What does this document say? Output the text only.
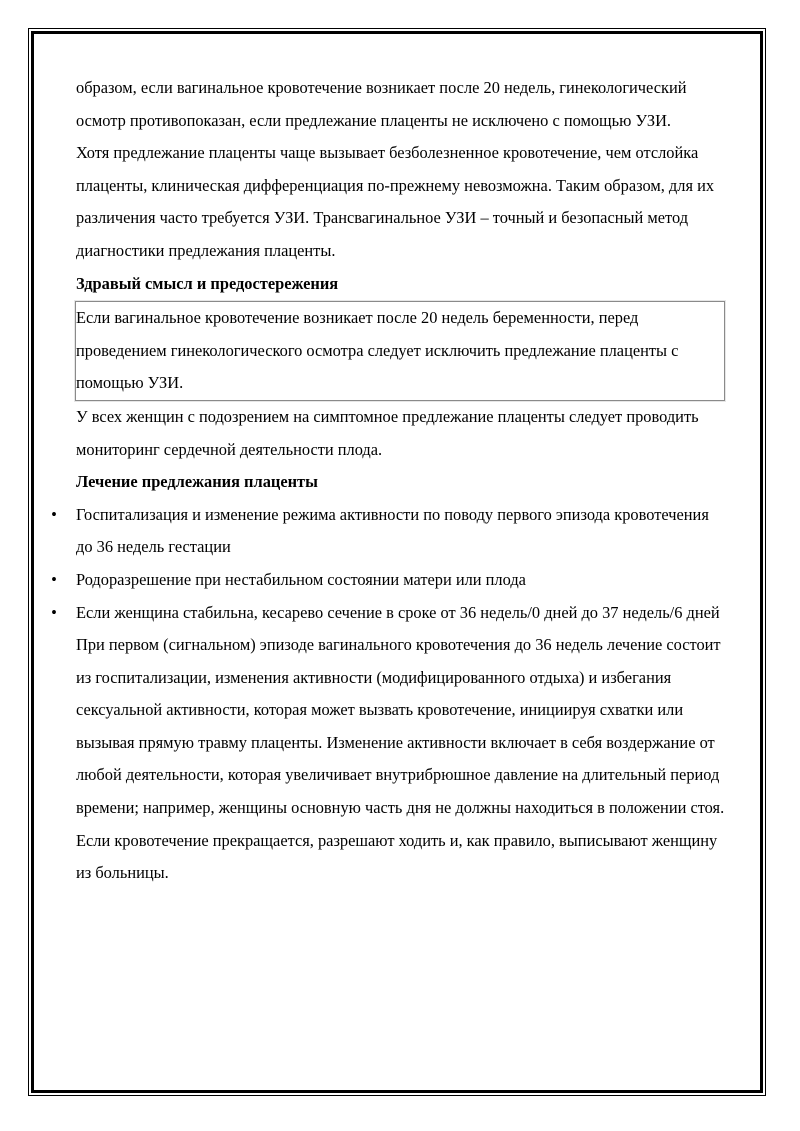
образом, если вагинальное кровотечение возникает после 20 недель, гинекологический осмотр противопоказан, если предлежание плаценты не исключено с помощью УЗИ.

Хотя предлежание плаценты чаще вызывает безболезненное кровотечение, чем отслойка плаценты, клиническая дифференциация по-прежнему невозможна. Таким образом, для их различения часто требуется УЗИ. Трансвагинальное УЗИ – точный и безопасный метод диагностики предлежания плаценты.

Здравый смысл и предостережения

Если вагинальное кровотечение возникает после 20 недель беременности, перед проведением гинекологического осмотра следует исключить предлежание плаценты с помощью УЗИ.

У всех женщин с подозрением на симптомное предлежание плаценты следует проводить мониторинг сердечной деятельности плода.

Лечение предлежания плаценты

• Госпитализация и изменение режима активности по поводу первого эпизода кровотечения до 36 недель гестации
• Родоразрешение при нестабильном состоянии матери или плода
• Если женщина стабильна, кесарево сечение в сроке от 36 недель/0 дней до 37 недель/6 дней

При первом (сигнальном) эпизоде вагинального кровотечения до 36 недель лечение состоит из госпитализации, изменения активности (модифицированного отдыха) и избегания сексуальной активности, которая может вызвать кровотечение, инициируя схватки или вызывая прямую травму плаценты. Изменение активности включает в себя воздержание от любой деятельности, которая увеличивает внутрибрюшное давление на длительный период времени; например, женщины основную часть дня не должны находиться в положении стоя. Если кровотечение прекращается, разрешают ходить и, как правило, выписывают женщину из больницы.
